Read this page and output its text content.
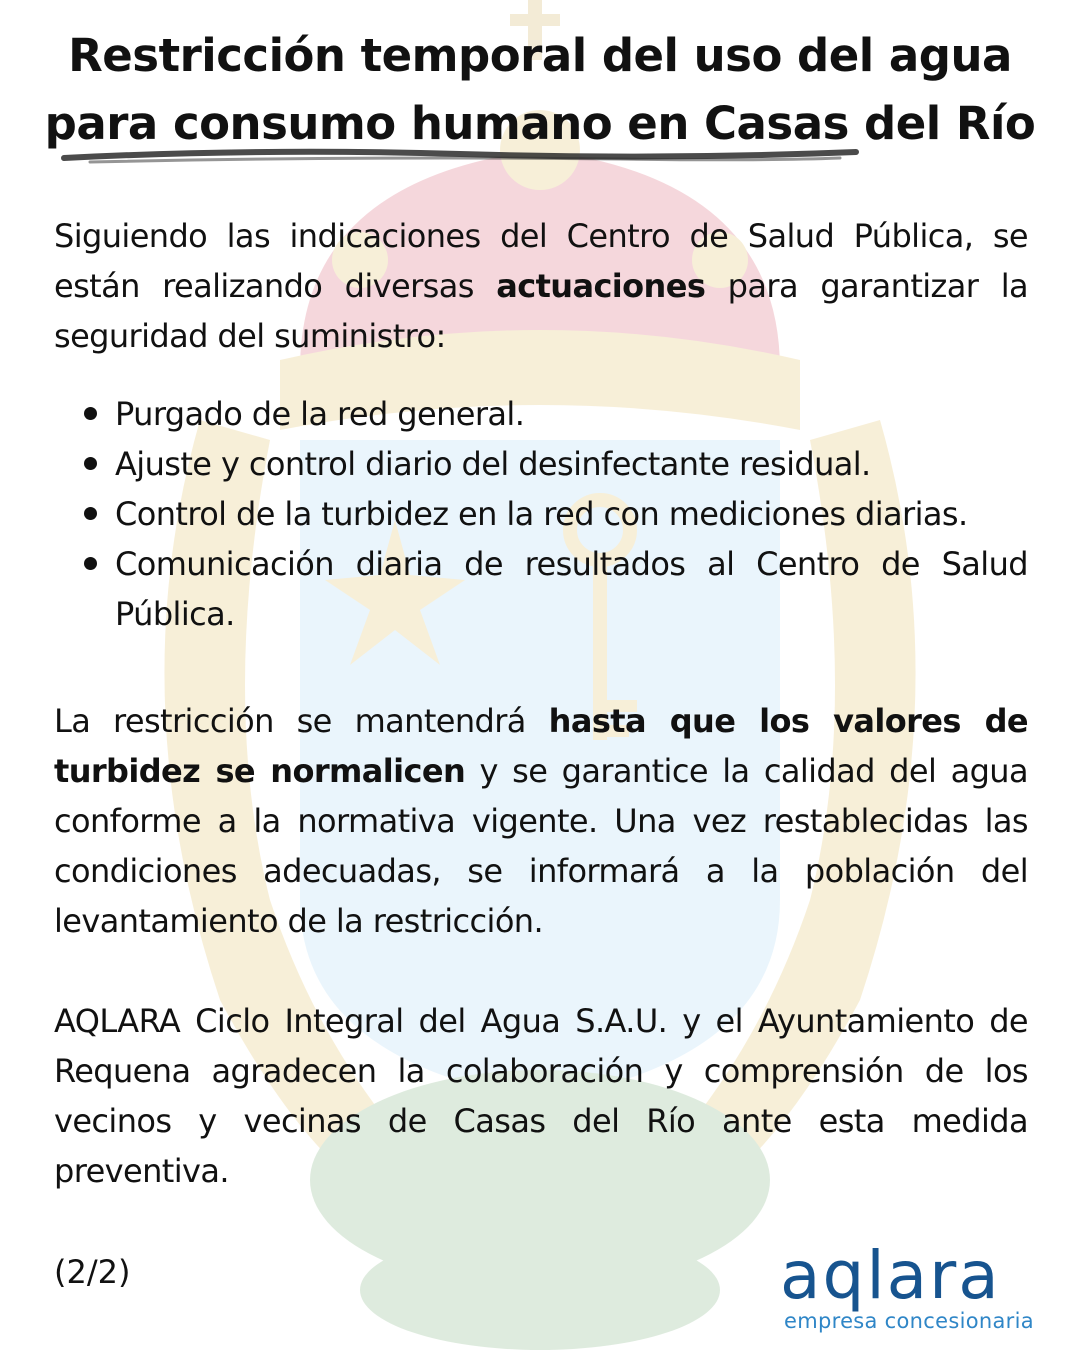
Restricción temporal del uso del agua
para consumo humano en Casas del Río

Siguiendo las indicaciones del Centro de Salud Pública, se están realizando diversas actuaciones para garantizar la seguridad del suministro:

Purgado de la red general.
Ajuste y control diario del desinfectante residual.
Control de la turbidez en la red con mediciones diarias.
Comunicación diaria de resultados al Centro de Salud Pública.

La restricción se mantendrá hasta que los valores de turbidez se normalicen y se garantice la calidad del agua conforme a la normativa vigente. Una vez restablecidas las condiciones adecuadas, se informará a la población del levantamiento de la restricción.

AQLARA Ciclo Integral del Agua S.A.U. y el Ayuntamiento de Requena agradecen la colaboración y comprensión de los vecinos y vecinas de Casas del Río ante esta medida preventiva.

(2/2)	aqlara
empresa concesionaria
